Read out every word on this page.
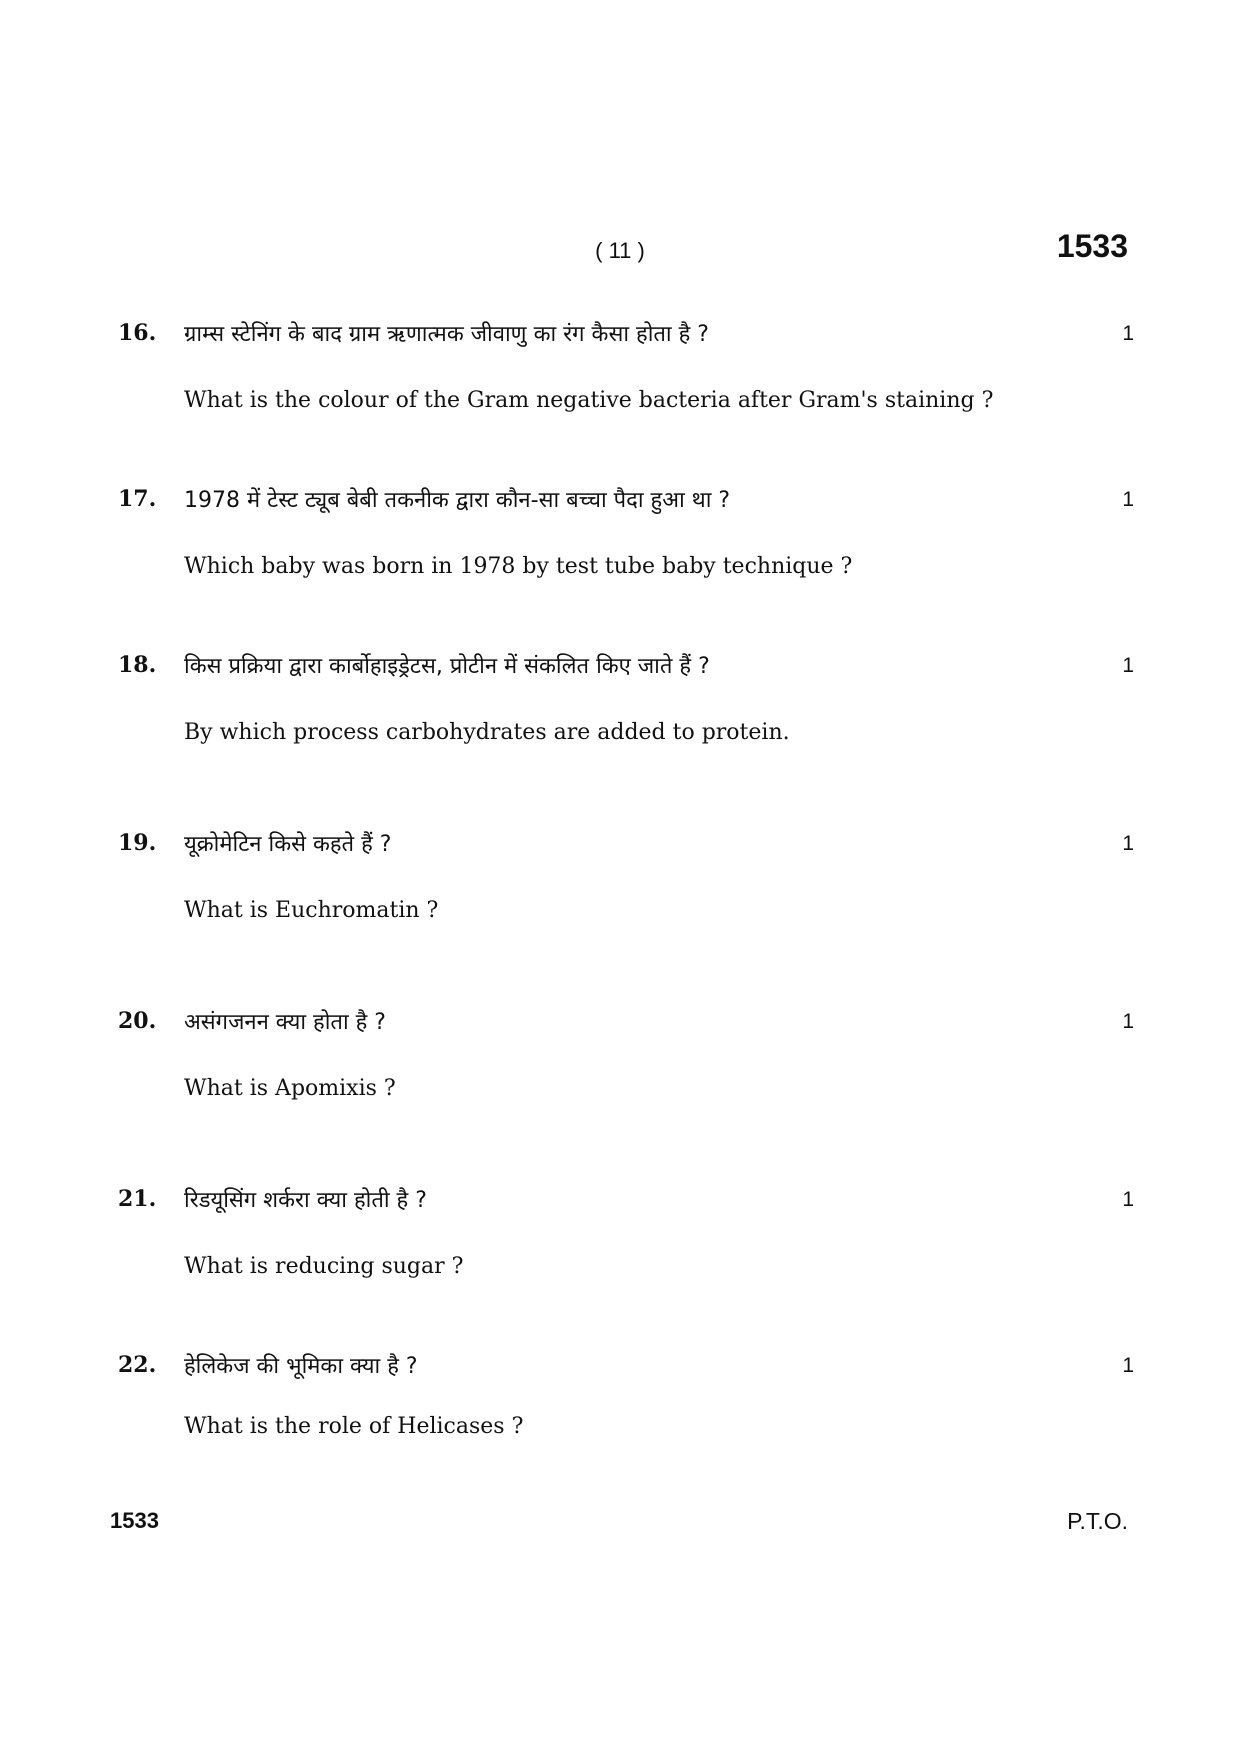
( 11 )	1533
16. ग्राम्स स्टेनिंग के बाद ग्राम ऋणात्मक जीवाणु का रंग कैसा होता है ?	1
What is the colour of the Gram negative bacteria after Gram's staining ?
17. 1978 में टेस्ट ट्यूब बेबी तकनीक द्वारा कौन-सा बच्चा पैदा हुआ था ?	1
Which baby was born in 1978 by test tube baby technique ?
18. किस प्रक्रिया द्वारा कार्बोहाइड्रेटस, प्रोटीन में संकलित किए जाते हैं ?	1
By which process carbohydrates are added to protein.
19. यूक्रोमेटिन किसे कहते हैं ?	1
What is Euchromatin ?
20. असंगजनन क्या होता है ?	1
What is Apomixis ?
21. रिडयूसिंग शर्करा क्या होती है ?	1
What is reducing sugar ?
22. हेलिकेज की भूमिका क्या है ?	1
What is the role of Helicases ?
1533	P.T.O.
